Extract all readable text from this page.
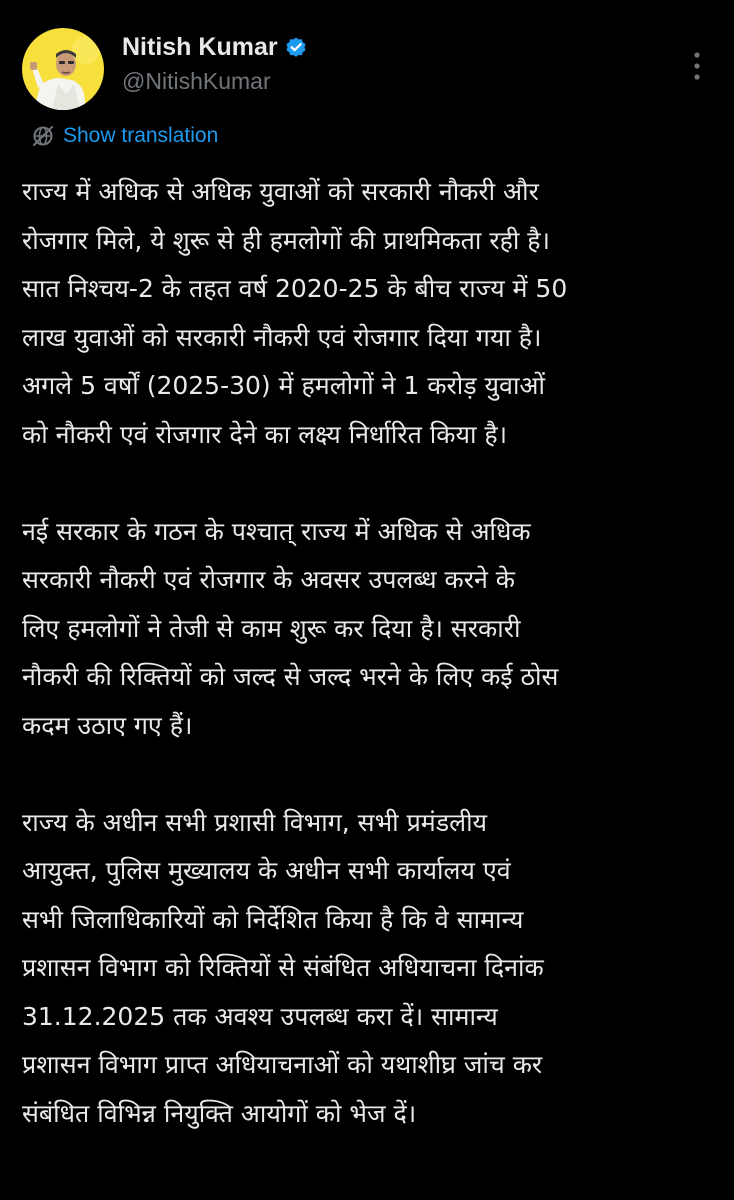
Nitish Kumar
@NitishKumar
Show translation

राज्य में अधिक से अधिक युवाओं को सरकारी नौकरी और
रोजगार मिले, ये शुरू से ही हमलोगों की प्राथमिकता रही है।
सात निश्चय-2 के तहत वर्ष 2020-25 के बीच राज्य में 50
लाख युवाओं को सरकारी नौकरी एवं रोजगार दिया गया है।
अगले 5 वर्षों (2025-30) में हमलोगों ने 1 करोड़ युवाओं
को नौकरी एवं रोजगार देने का लक्ष्य निर्धारित किया है।

नई सरकार के गठन के पश्चात् राज्य में अधिक से अधिक
सरकारी नौकरी एवं रोजगार के अवसर उपलब्ध करने के
लिए हमलोगों ने तेजी से काम शुरू कर दिया है। सरकारी
नौकरी की रिक्तियों को जल्द से जल्द भरने के लिए कई ठोस
कदम उठाए गए हैं।

राज्य के अधीन सभी प्रशासी विभाग, सभी प्रमंडलीय
आयुक्त, पुलिस मुख्यालय के अधीन सभी कार्यालय एवं
सभी जिलाधिकारियों को निर्देशित किया है कि वे सामान्य
प्रशासन विभाग को रिक्तियों से संबंधित अधियाचना दिनांक
31.12.2025 तक अवश्य उपलब्ध करा दें। सामान्य
प्रशासन विभाग प्राप्त अधियाचनाओं को यथाशीघ्र जांच कर
संबंधित विभिन्न नियुक्ति आयोगों को भेज दें।
